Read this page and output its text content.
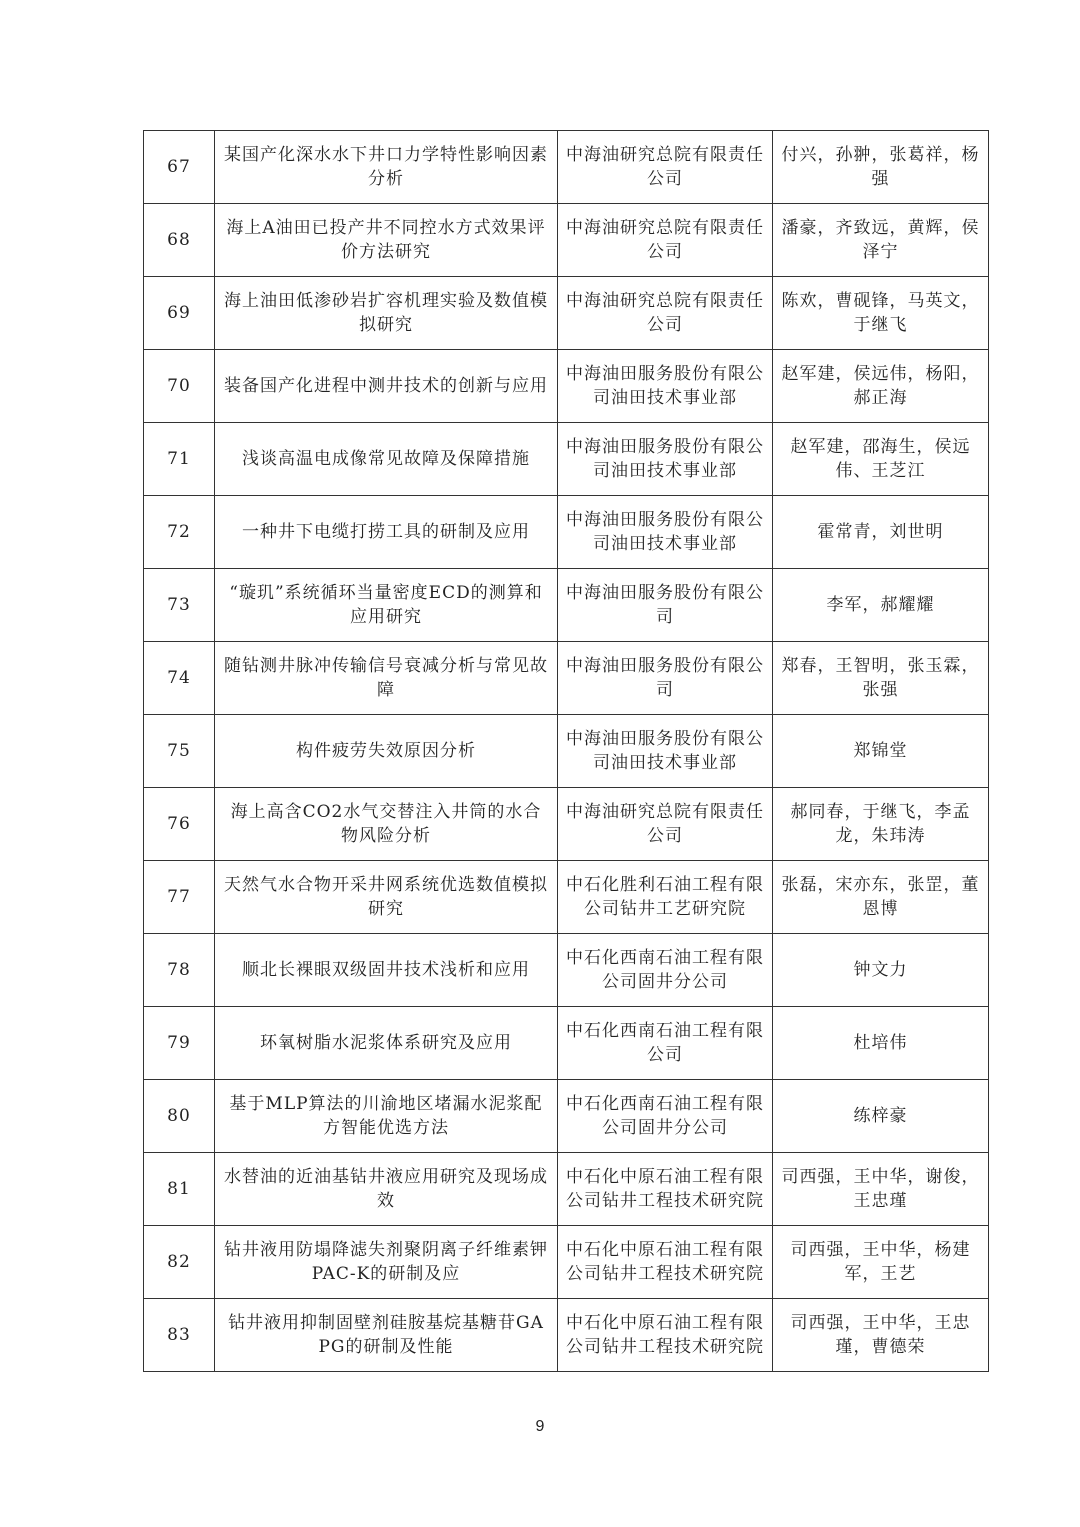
67	某国产化深水水下井口力学特性影响因素分析	中海油研究总院有限责任公司	付兴，孙翀，张葛祥，杨强
68	海上A油田已投产井不同控水方式效果评价方法研究	中海油研究总院有限责任公司	潘豪，齐致远，黄辉，侯泽宁
69	海上油田低渗砂岩扩容机理实验及数值模拟研究	中海油研究总院有限责任公司	陈欢，曹砚锋，马英文，于继飞
70	装备国产化进程中测井技术的创新与应用	中海油田服务股份有限公司油田技术事业部	赵军建，侯远伟，杨阳，郝正海
71	浅谈高温电成像常见故障及保障措施	中海油田服务股份有限公司油田技术事业部	赵军建，邵海生，侯远伟、王芝江
72	一种井下电缆打捞工具的研制及应用	中海油田服务股份有限公司油田技术事业部	霍常青，刘世明
73	“璇玑”系统循环当量密度ECD的测算和应用研究	中海油田服务股份有限公司	李军，郝耀耀
74	随钻测井脉冲传输信号衰减分析与常见故障	中海油田服务股份有限公司	郑春，王智明，张玉霖，张强
75	构件疲劳失效原因分析	中海油田服务股份有限公司油田技术事业部	郑锦堂
76	海上高含CO2水气交替注入井筒的水合物风险分析	中海油研究总院有限责任公司	郝同春，于继飞，李孟龙，朱玮涛
77	天然气水合物开采井网系统优选数值模拟研究	中石化胜利石油工程有限公司钻井工艺研究院	张磊，宋亦东，张罡，董恩博
78	顺北长裸眼双级固井技术浅析和应用	中石化西南石油工程有限公司固井分公司	钟文力
79	环氧树脂水泥浆体系研究及应用	中石化西南石油工程有限公司	杜培伟
80	基于MLP算法的川渝地区堵漏水泥浆配方智能优选方法	中石化西南石油工程有限公司固井分公司	练梓豪
81	水替油的近油基钻井液应用研究及现场成效	中石化中原石油工程有限公司钻井工程技术研究院	司西强，王中华，谢俊，王忠瑾
82	钻井液用防塌降滤失剂聚阴离子纤维素钾PAC-K的研制及应	中石化中原石油工程有限公司钻井工程技术研究院	司西强，王中华，杨建军，王艺
83	钻井液用抑制固壁剂硅胺基烷基糖苷GAPG的研制及性能	中石化中原石油工程有限公司钻井工程技术研究院	司西强，王中华，王忠瑾，曹德荣
9
